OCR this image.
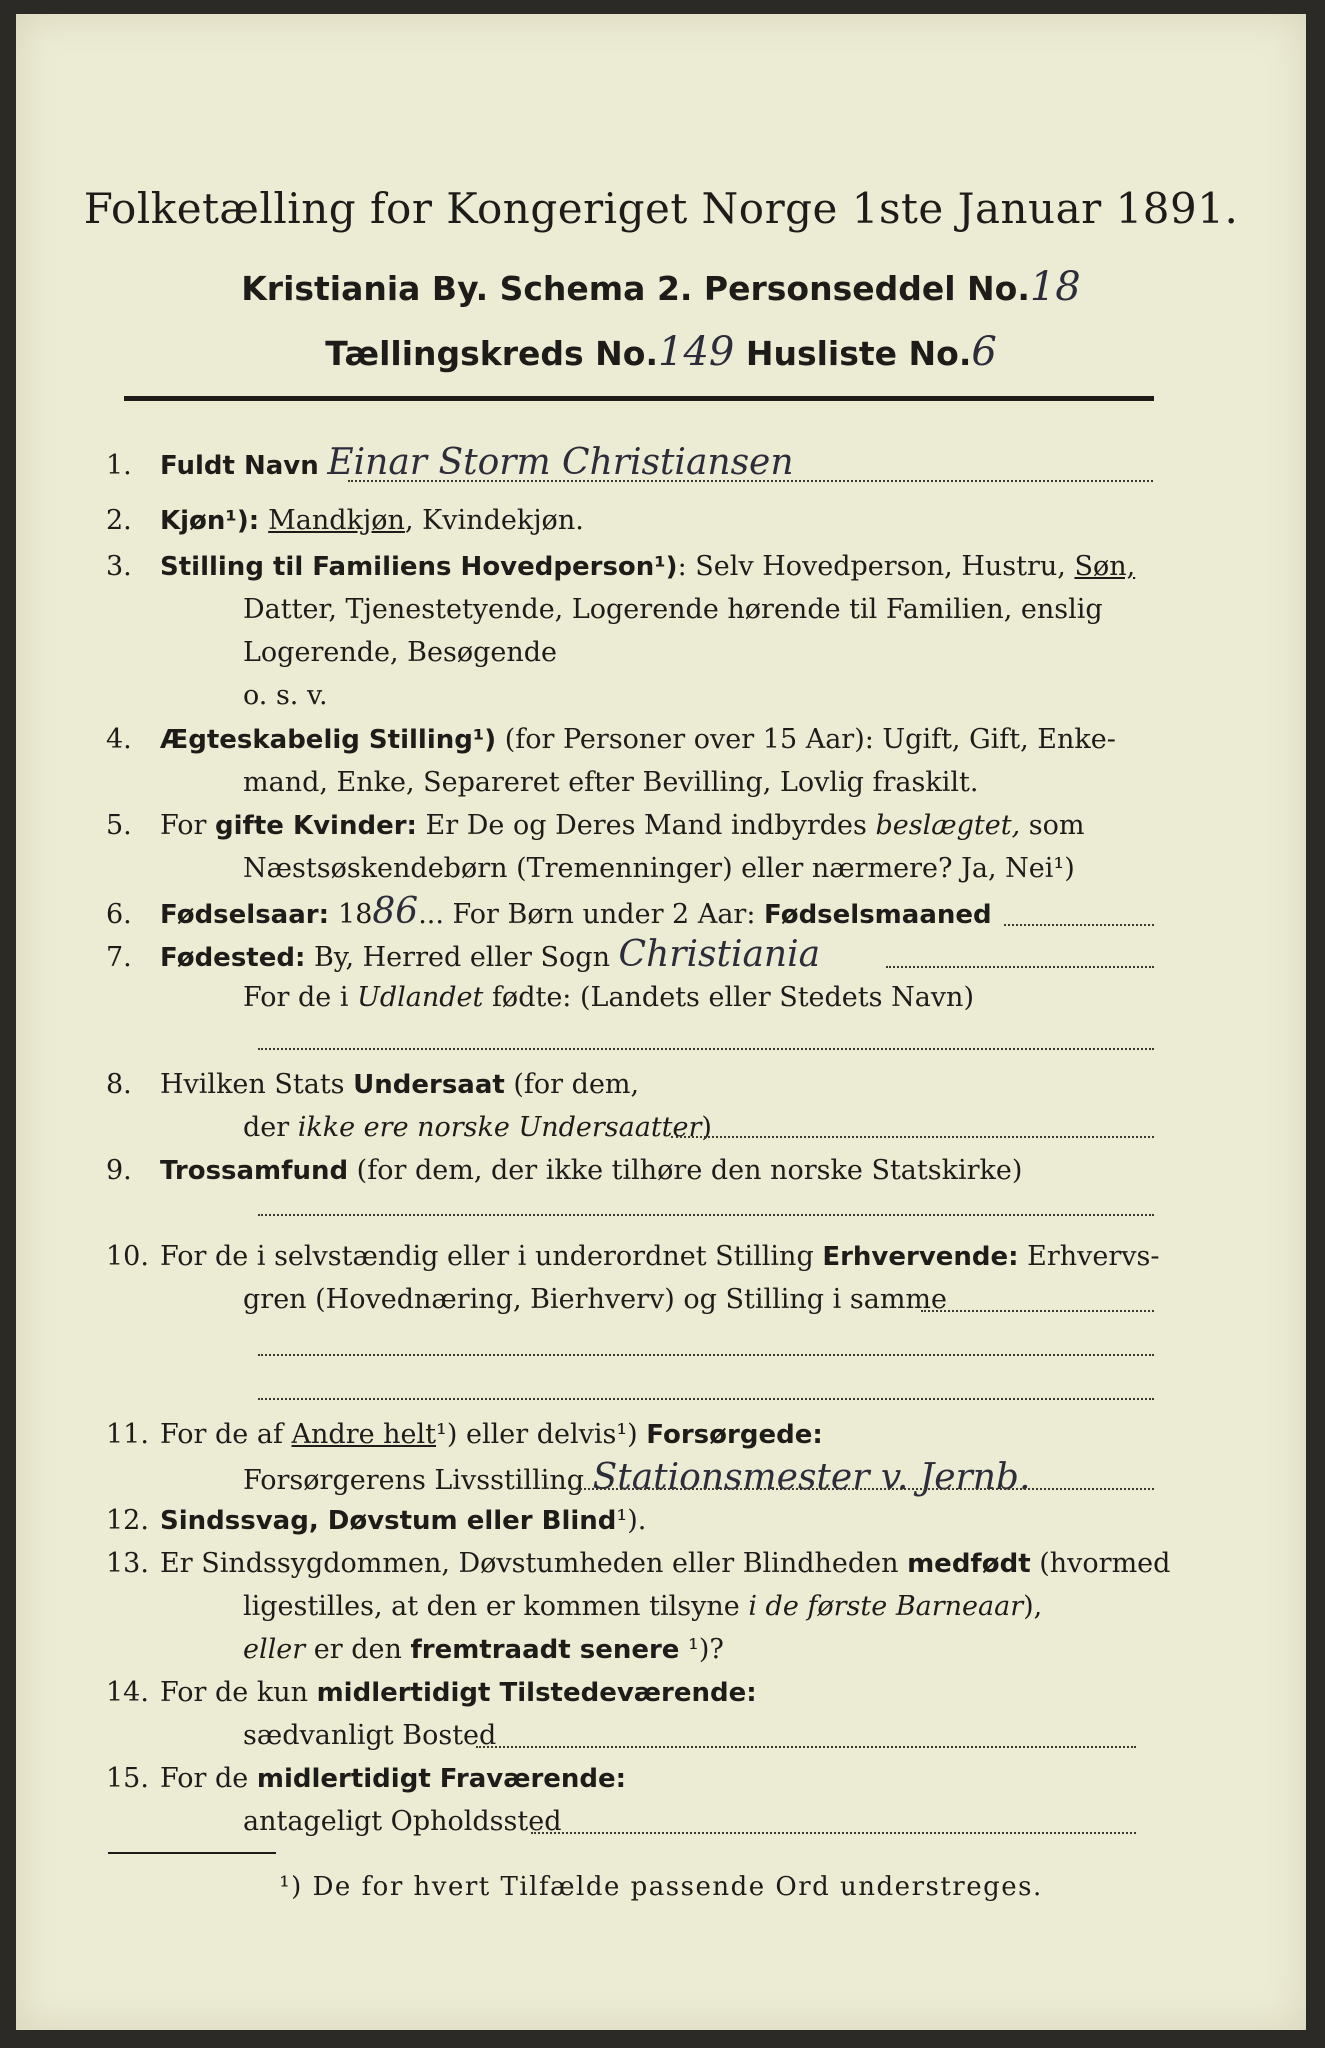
Folketælling for Kongeriget Norge 1ste Januar 1891.
Kristiania By. Schema 2. Personseddel No.18
Tællingskreds No.149 Husliste No.6
1. Fuldt Navn Einar Storm Christiansen
2. Kjøn¹): Mandkjøn, Kvindekjøn.
3. Stilling til Familiens Hovedperson¹): Selv Hovedperson, Hustru, Søn,
Datter, Tjenestetyende, Logerende hørende til Familien, enslig
Logerende, Besøgende
o. s. v.
4. Ægteskabelig Stilling¹) (for Personer over 15 Aar): Ugift, Gift, Enke-
mand, Enke, Separeret efter Bevilling, Lovlig fraskilt.
5. For gifte Kvinder: Er De og Deres Mand indbyrdes beslægtet, som
Næstsøskendebørn (Tremenninger) eller nærmere? Ja, Nei¹)
6. Fødselsaar: 1886... For Børn under 2 Aar: Fødselsmaaned
7. Fødested: By, Herred eller Sogn Christiania
For de i Udlandet fødte: (Landets eller Stedets Navn)
8. Hvilken Stats Undersaat (for dem,
der ikke ere norske Undersaatter)
9. Trossamfund (for dem, der ikke tilhøre den norske Statskirke)
10. For de i selvstændig eller i underordnet Stilling Erhvervende: Erhvervs-
gren (Hovednæring, Bierhverv) og Stilling i samme
11. For de af Andre helt¹) eller delvis¹) Forsørgede:
Forsørgerens Livsstilling Stationsmester v. Jernb.
12. Sindssvag, Døvstum eller Blind¹).
13. Er Sindssygdommen, Døvstumheden eller Blindheden medfødt (hvormed
ligestilles, at den er kommen tilsyne i de første Barneaar),
eller er den fremtraadt senere ¹)?
14. For de kun midlertidigt Tilstedeværende:
sædvanligt Bosted
15. For de midlertidigt Fraværende:
antageligt Opholdssted
¹) De for hvert Tilfælde passende Ord understreges.
